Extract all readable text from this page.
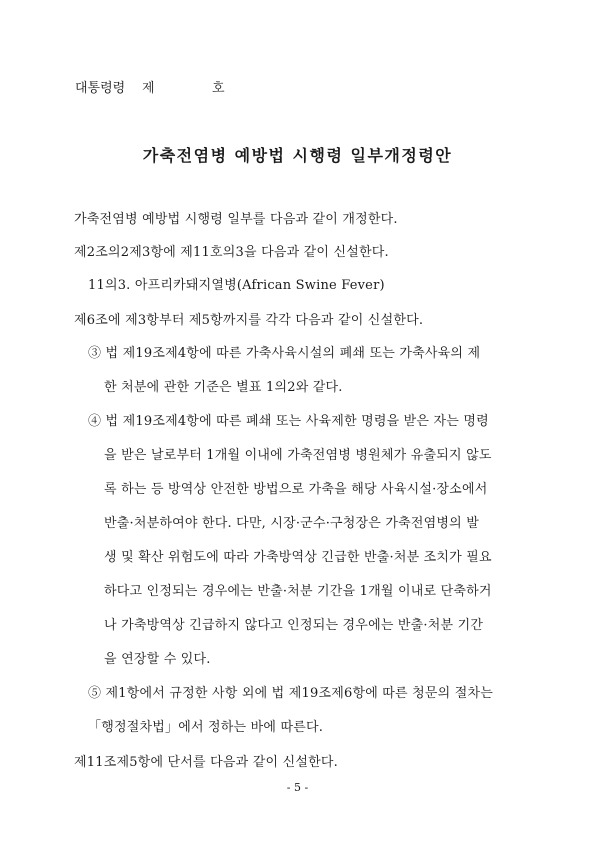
대통령령 제	호
가축전염병 예방법 시행령 일부개정령안
가축전염병 예방법 시행령 일부를 다음과 같이 개정한다.
제2조의2제3항에 제11호의3을 다음과 같이 신설한다.
11의3. 아프리카돼지열병(African Swine Fever)
제6조에 제3항부터 제5항까지를 각각 다음과 같이 신설한다.
③ 법 제19조제4항에 따른 가축사육시설의 폐쇄 또는 가축사육의 제
한 처분에 관한 기준은 별표 1의2와 같다.
④ 법 제19조제4항에 따른 폐쇄 또는 사육제한 명령을 받은 자는 명령
을 받은 날로부터 1개월 이내에 가축전염병 병원체가 유출되지 않도
록 하는 등 방역상 안전한 방법으로 가축을 해당 사육시설·장소에서
반출·처분하여야 한다. 다만, 시장·군수·구청장은 가축전염병의 발
생 및 확산 위험도에 따라 가축방역상 긴급한 반출·처분 조치가 필요
하다고 인정되는 경우에는 반출·처분 기간을 1개월 이내로 단축하거
나 가축방역상 긴급하지 않다고 인정되는 경우에는 반출·처분 기간
을 연장할 수 있다.
⑤ 제1항에서 규정한 사항 외에 법 제19조제6항에 따른 청문의 절차는
「행정절차법」에서 정하는 바에 따른다.
제11조제5항에 단서를 다음과 같이 신설한다.
- 5 -
